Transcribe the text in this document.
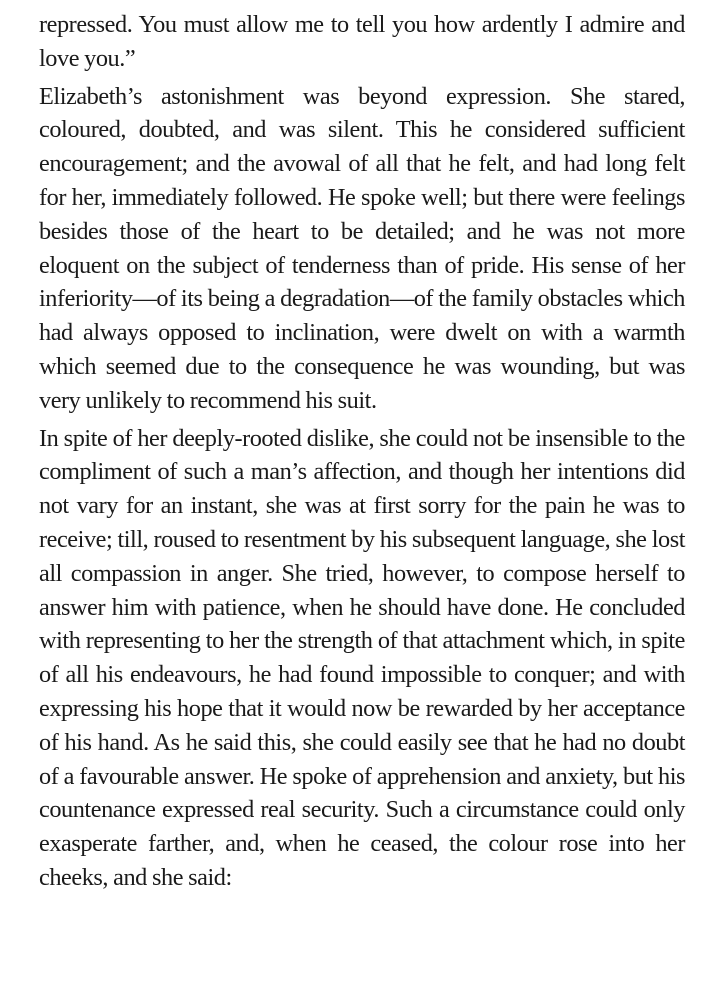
repressed. You must allow me to tell you how ardently I admire and love you.”

Elizabeth’s astonishment was beyond expression. She stared, coloured, doubted, and was silent. This he considered sufficient encouragement; and the avowal of all that he felt, and had long felt for her, immediately followed. He spoke well; but there were feelings besides those of the heart to be detailed; and he was not more eloquent on the subject of tenderness than of pride. His sense of her inferiority—of its being a degradation—of the family obstacles which had always opposed to inclination, were dwelt on with a warmth which seemed due to the consequence he was wounding, but was very unlikely to recommend his suit.

In spite of her deeply-rooted dislike, she could not be insensible to the compliment of such a man’s affection, and though her intentions did not vary for an instant, she was at first sorry for the pain he was to receive; till, roused to resentment by his subsequent language, she lost all compassion in anger. She tried, however, to compose herself to answer him with patience, when he should have done. He concluded with representing to her the strength of that attachment which, in spite of all his endeavours, he had found impossible to conquer; and with expressing his hope that it would now be rewarded by her acceptance of his hand. As he said this, she could easily see that he had no doubt of a favourable answer. He spoke of apprehension and anxiety, but his countenance expressed real security. Such a circumstance could only exasperate farther, and, when he ceased, the colour rose into her cheeks, and she said:
